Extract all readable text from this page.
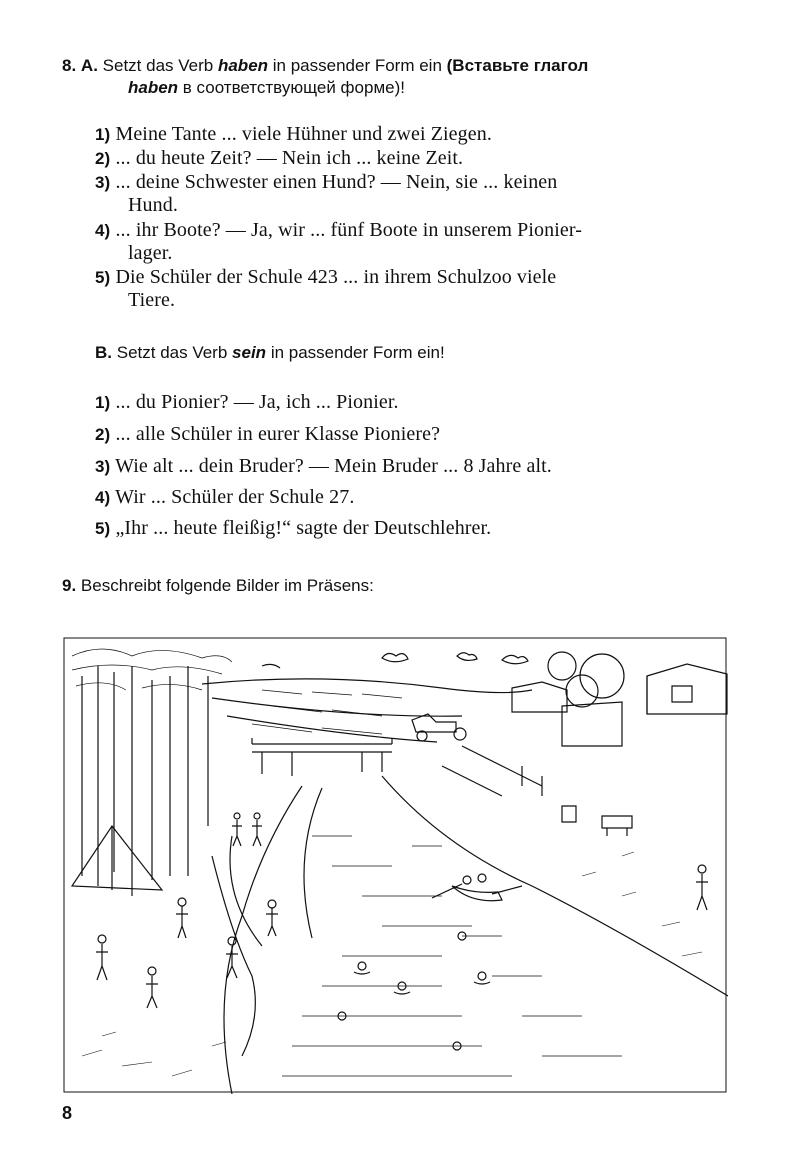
8. A. Setzt das Verb haben in passender Form ein (Вставьте глагол
haben в соответствующей форме)!
1) Meine Tante ... viele Hühner und zwei Ziegen.
2) ... du heute Zeit? — Nein ich ... keine Zeit.
3) ... deine Schwester einen Hund? — Nein, sie ... keinen
Hund.
4) ... ihr Boote? — Ja, wir ... fünf Boote in unserem Pionier-
lager.
5) Die Schüler der Schule 423 ... in ihrem Schulzoo viele
Tiere.
B. Setzt das Verb sein in passender Form ein!
1) ... du Pionier? — Ja, ich ... Pionier.
2) ... alle Schüler in eurer Klasse Pioniere?
3) Wie alt ... dein Bruder? — Mein Bruder ... 8 Jahre alt.
4) Wir ... Schüler der Schule 27.
5) „Ihr ... heute fleißig!“ sagte der Deutschlehrer.
9. Beschreibt folgende Bilder im Präsens:
8
